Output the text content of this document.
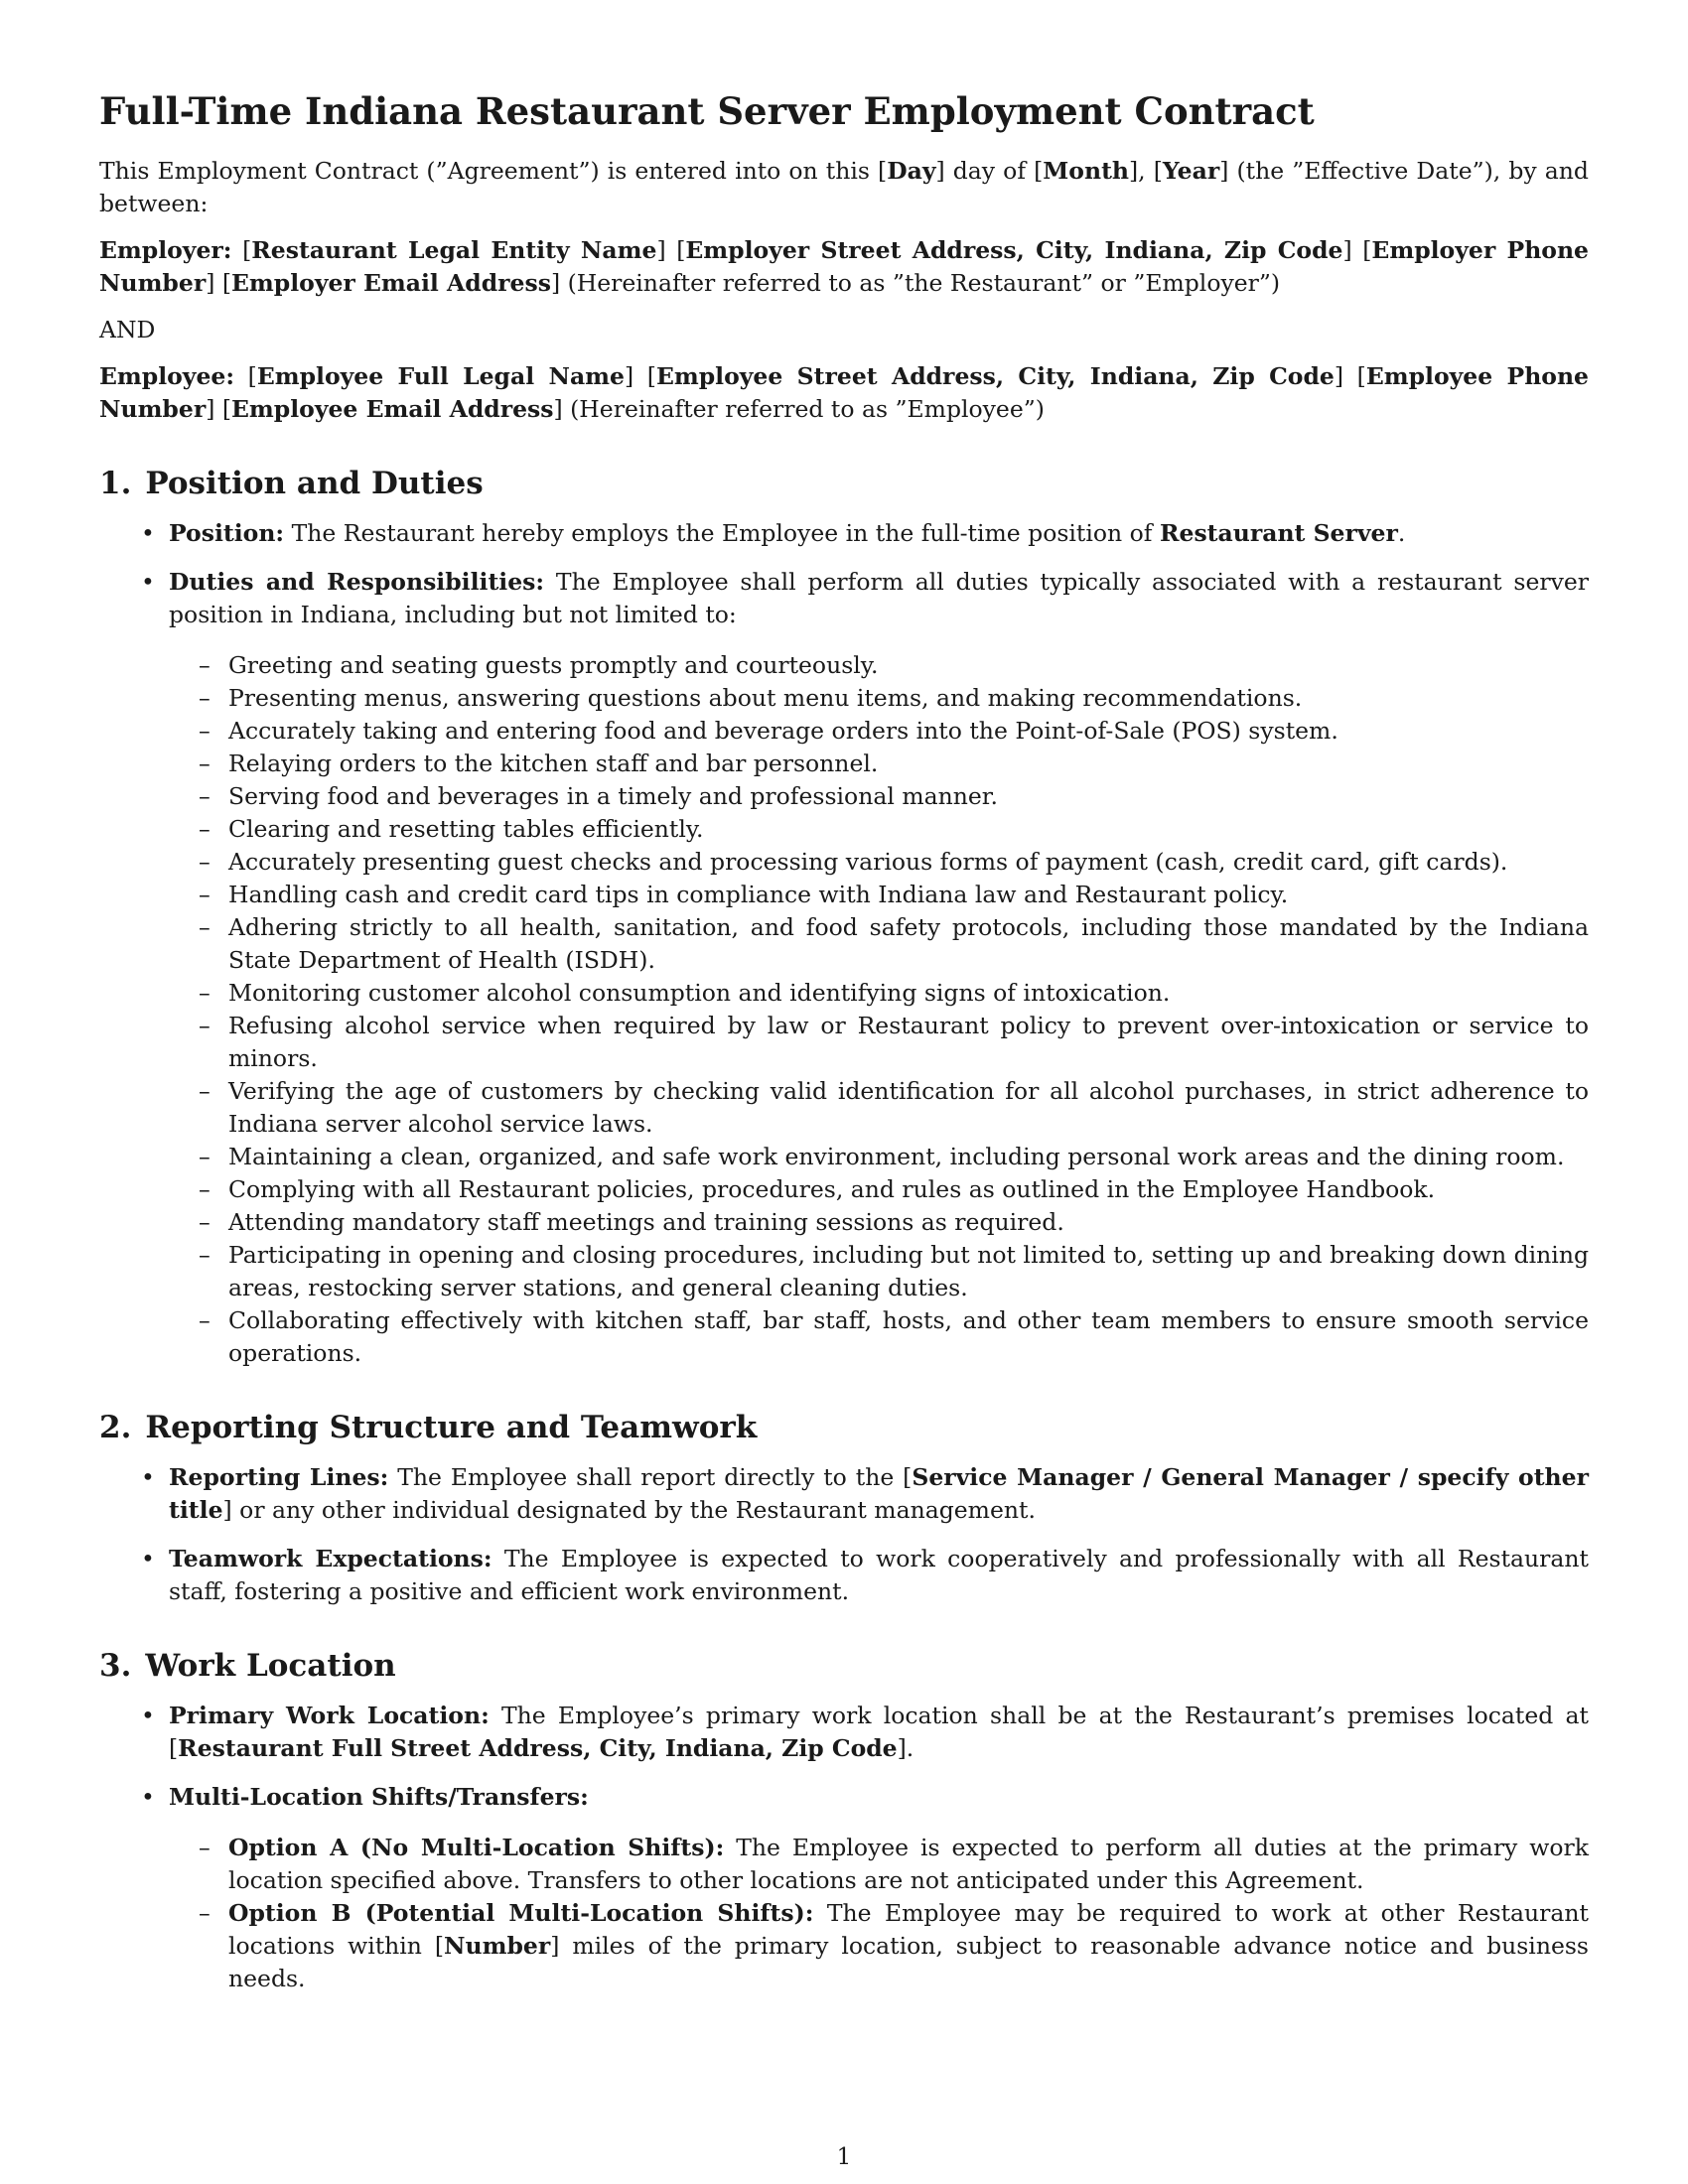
Full-Time Indiana Restaurant Server Employment Contract

This Employment Contract (”Agreement”) is entered into on this [Day] day of [Month], [Year] (the ”Effective Date”), by and between:

Employer: [Restaurant Legal Entity Name] [Employer Street Address, City, Indiana, Zip Code] [Employer Phone Number] [Employer Email Address] (Hereinafter referred to as ”the Restaurant” or ”Employer”)

AND

Employee: [Employee Full Legal Name] [Employee Street Address, City, Indiana, Zip Code] [Employee Phone Number] [Employee Email Address] (Hereinafter referred to as ”Employee”)

1. Position and Duties
• Position: The Restaurant hereby employs the Employee in the full-time position of Restaurant Server.
• Duties and Responsibilities: The Employee shall perform all duties typically associated with a restaurant server position in Indiana, including but not limited to:
– Greeting and seating guests promptly and courteously.
– Presenting menus, answering questions about menu items, and making recommendations.
– Accurately taking and entering food and beverage orders into the Point-of-Sale (POS) system.
– Relaying orders to the kitchen staff and bar personnel.
– Serving food and beverages in a timely and professional manner.
– Clearing and resetting tables efficiently.
– Accurately presenting guest checks and processing various forms of payment (cash, credit card, gift cards).
– Handling cash and credit card tips in compliance with Indiana law and Restaurant policy.
– Adhering strictly to all health, sanitation, and food safety protocols, including those mandated by the Indiana State Department of Health (ISDH).
– Monitoring customer alcohol consumption and identifying signs of intoxication.
– Refusing alcohol service when required by law or Restaurant policy to prevent over-intoxication or service to minors.
– Verifying the age of customers by checking valid identification for all alcohol purchases, in strict adherence to Indiana server alcohol service laws.
– Maintaining a clean, organized, and safe work environment, including personal work areas and the dining room.
– Complying with all Restaurant policies, procedures, and rules as outlined in the Employee Handbook.
– Attending mandatory staff meetings and training sessions as required.
– Participating in opening and closing procedures, including but not limited to, setting up and breaking down dining areas, restocking server stations, and general cleaning duties.
– Collaborating effectively with kitchen staff, bar staff, hosts, and other team members to ensure smooth service operations.
2. Reporting Structure and Teamwork
• Reporting Lines: The Employee shall report directly to the [Service Manager / General Manager / specify other title] or any other individual designated by the Restaurant management.
• Teamwork Expectations: The Employee is expected to work cooperatively and professionally with all Restaurant staff, fostering a positive and efficient work environment.
3. Work Location
• Primary Work Location: The Employee’s primary work location shall be at the Restaurant’s premises located at [Restaurant Full Street Address, City, Indiana, Zip Code].
• Multi-Location Shifts/Transfers:
– Option A (No Multi-Location Shifts): The Employee is expected to perform all duties at the primary work location specified above. Transfers to other locations are not anticipated under this Agreement.
– Option B (Potential Multi-Location Shifts): The Employee may be required to work at other Restaurant locations within [Number] miles of the primary location, subject to reasonable advance notice and business needs.
1
